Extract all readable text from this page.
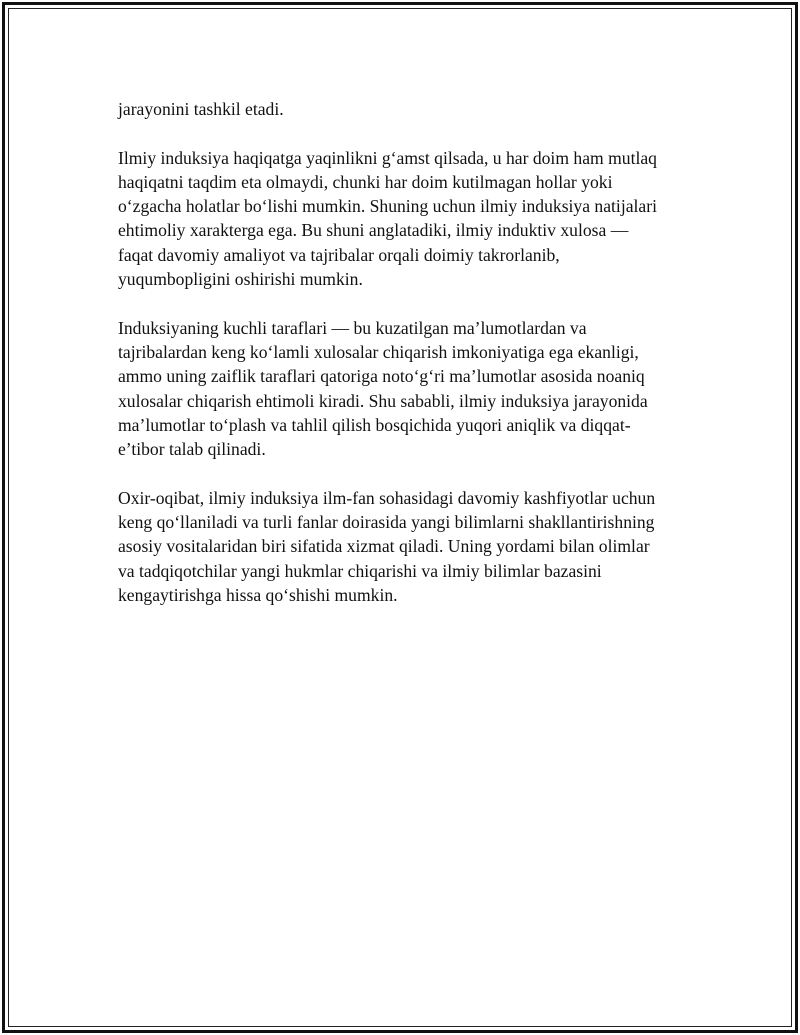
jarayonini tashkil etadi.

Ilmiy induksiya haqiqatga yaqinlikni g‘amst qilsada, u har doim ham mutlaq
haqiqatni taqdim eta olmaydi, chunki har doim kutilmagan hollar yoki
o‘zgacha holatlar bo‘lishi mumkin. Shuning uchun ilmiy induksiya natijalari
ehtimoliy xarakterga ega. Bu shuni anglatadiki, ilmiy induktiv xulosa —
faqat davomiy amaliyot va tajribalar orqali doimiy takrorlanib,
yuqumbopligini oshirishi mumkin.

Induksiyaning kuchli taraflari — bu kuzatilgan ma’lumotlardan va
tajribalardan keng ko‘lamli xulosalar chiqarish imkoniyatiga ega ekanligi,
ammo uning zaiflik taraflari qatoriga noto‘g‘ri ma’lumotlar asosida noaniq
xulosalar chiqarish ehtimoli kiradi. Shu sababli, ilmiy induksiya jarayonida
ma’lumotlar to‘plash va tahlil qilish bosqichida yuqori aniqlik va diqqat-
e’tibor talab qilinadi.

Oxir-oqibat, ilmiy induksiya ilm-fan sohasidagi davomiy kashfiyotlar uchun
keng qo‘llaniladi va turli fanlar doirasida yangi bilimlarni shakllantirishning
asosiy vositalaridan biri sifatida xizmat qiladi. Uning yordami bilan olimlar
va tadqiqotchilar yangi hukmlar chiqarishi va ilmiy bilimlar bazasini
kengaytirishga hissa qo‘shishi mumkin.
